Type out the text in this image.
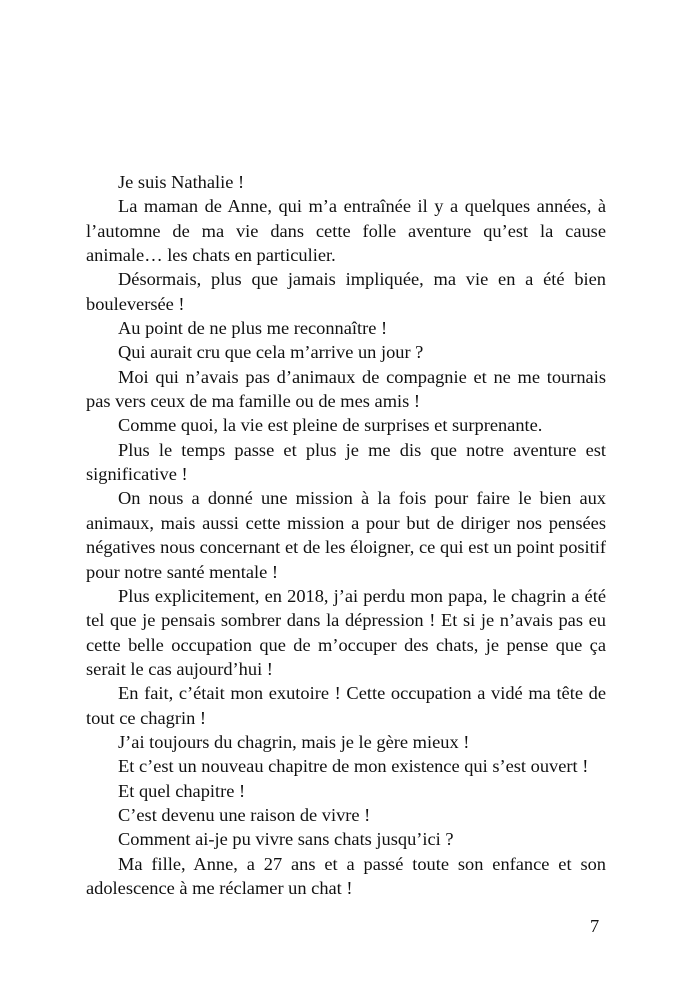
Je suis Nathalie !

La maman de Anne, qui m’a entraînée il y a quelques années, à l’automne de ma vie dans cette folle aventure qu’est la cause animale… les chats en particulier.

Désormais, plus que jamais impliquée, ma vie en a été bien bouleversée !

Au point de ne plus me reconnaître !

Qui aurait cru que cela m’arrive un jour ?

Moi qui n’avais pas d’animaux de compagnie et ne me tournais pas vers ceux de ma famille ou de mes amis !

Comme quoi, la vie est pleine de surprises et surprenante.

Plus le temps passe et plus je me dis que notre aventure est significative !

On nous a donné une mission à la fois pour faire le bien aux animaux, mais aussi cette mission a pour but de diriger nos pensées négatives nous concernant et de les éloigner, ce qui est un point positif pour notre santé mentale !

Plus explicitement, en 2018, j’ai perdu mon papa, le chagrin a été tel que je pensais sombrer dans la dépression ! Et si je n’avais pas eu cette belle occupation que de m’occuper des chats, je pense que ça serait le cas aujourd’hui !

En fait, c’était mon exutoire ! Cette occupation a vidé ma tête de tout ce chagrin !

J’ai toujours du chagrin, mais je le gère mieux !

Et c’est un nouveau chapitre de mon existence qui s’est ouvert !

Et quel chapitre !

C’est devenu une raison de vivre !

Comment ai-je pu vivre sans chats jusqu’ici ?

Ma fille, Anne, a 27 ans et a passé toute son enfance et son adolescence à me réclamer un chat !

7
